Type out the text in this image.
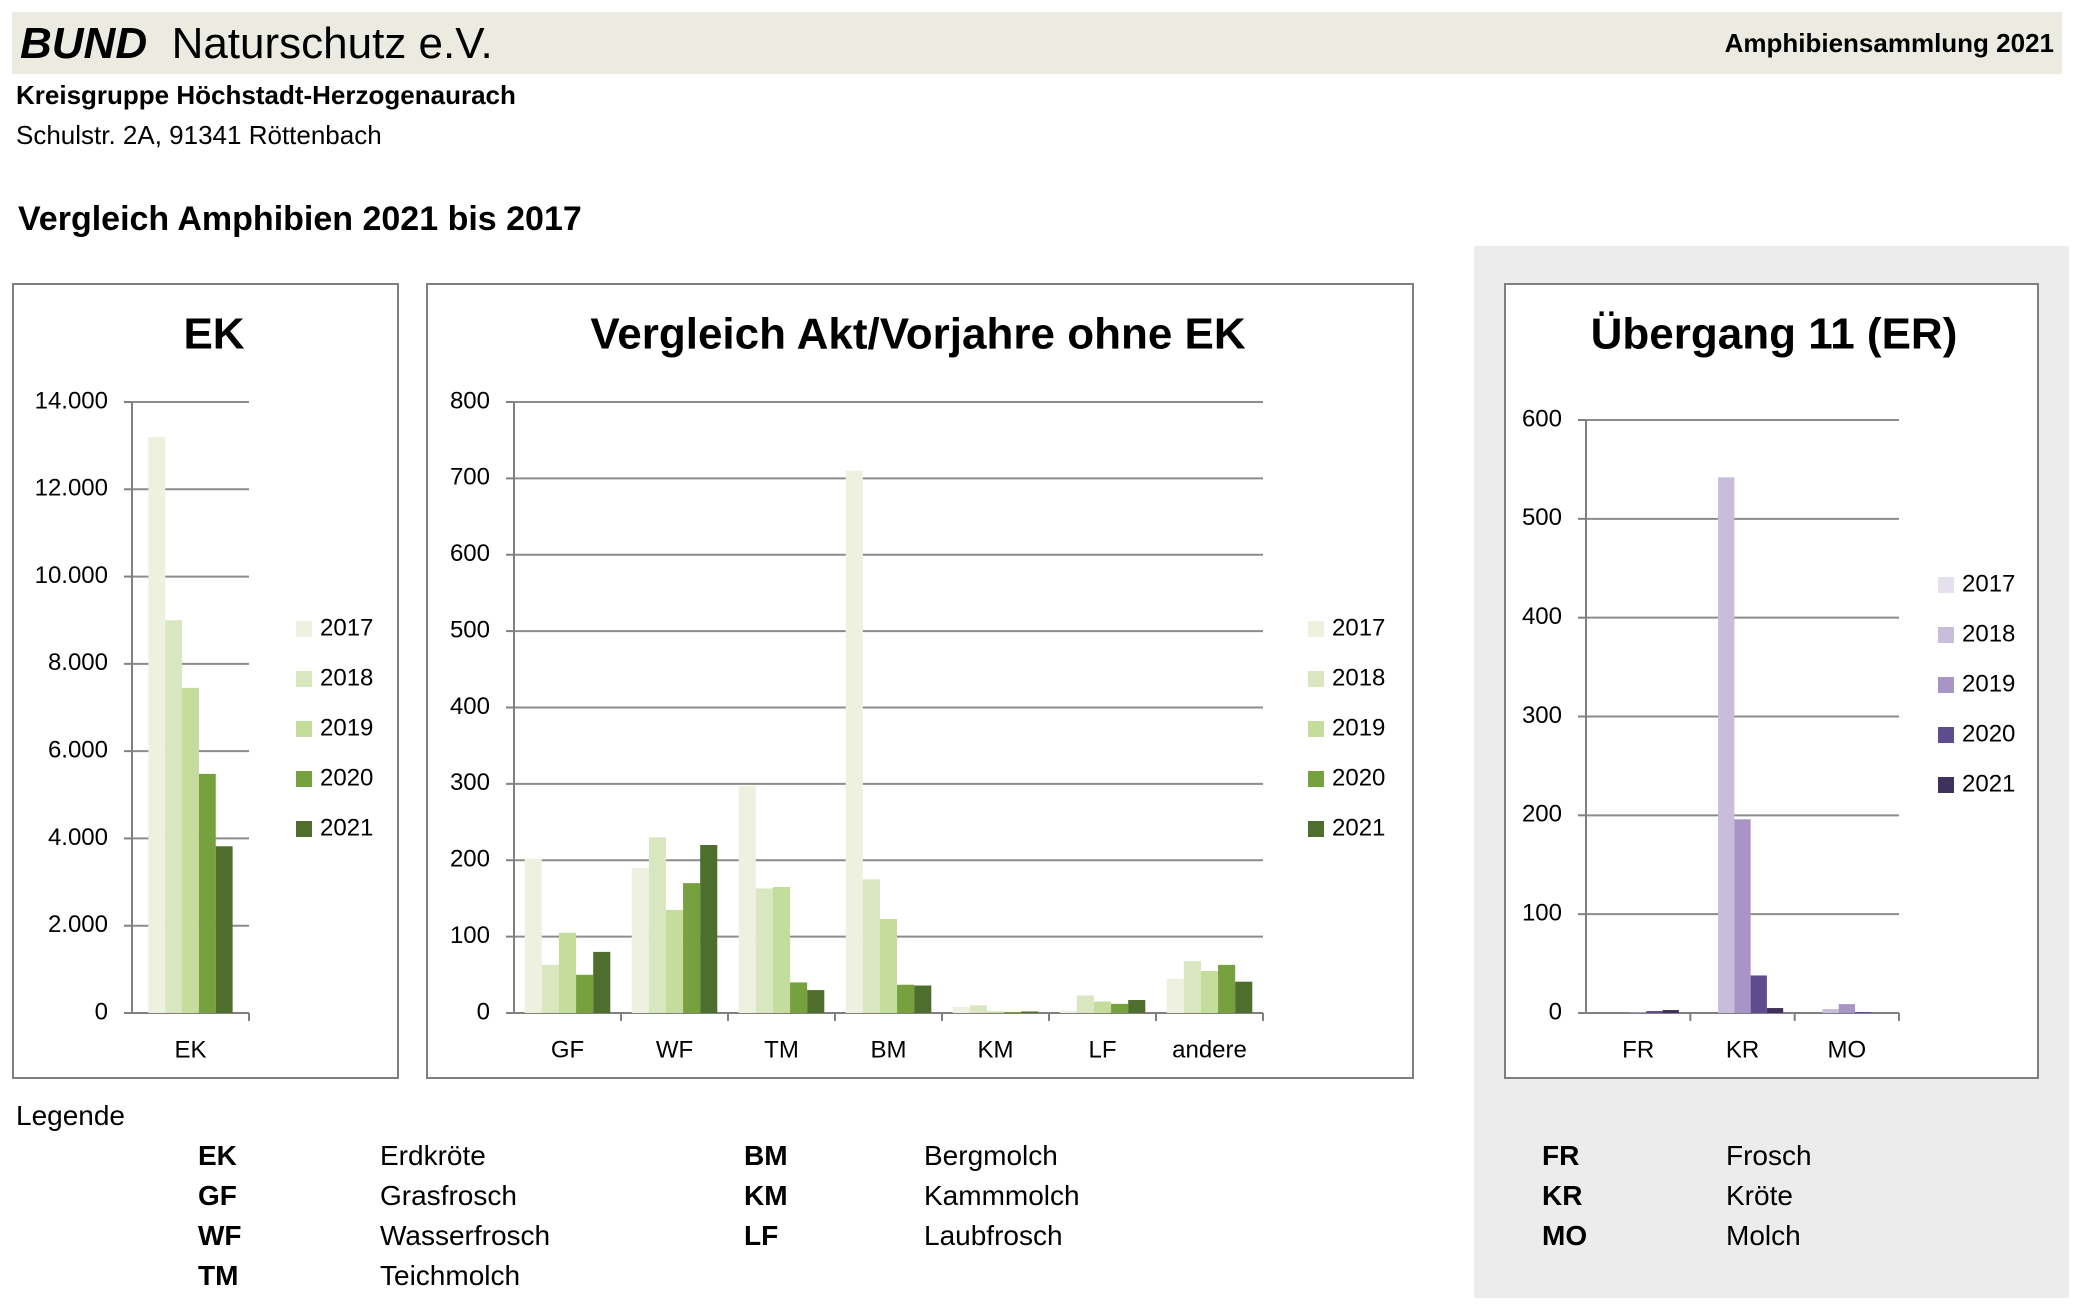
BUND Naturschutz e.V.	Amphibiensammlung 2021
Kreisgruppe Höchstadt-Herzogenaurach
Schulstr. 2A, 91341 Röttenbach
Vergleich Amphibien 2021 bis 2017
EK
0
2.000
4.000
6.000
8.000
10.000
12.000
14.000
EK
2017
2018
2019
2020
2021
Vergleich Akt/Vorjahre ohne EK
0
100
200
300
400
500
600
700
800
GF	WF	TM	BM	KM	LF andere
2017
2018
2019
2020
2021
Übergang 11 (ER)
0
100
200
300
400
500
600
FR	KR	MO
2017
2018
2019
2020
2021
Legende
EK	Erdkröte
GF	Grasfrosch
WF	Wasserfrosch
TM	Teichmolch
BM	Bergmolch
KM	Kammmolch
LF	Laubfrosch
FR	Frosch
KR	Kröte
MO	Molch
